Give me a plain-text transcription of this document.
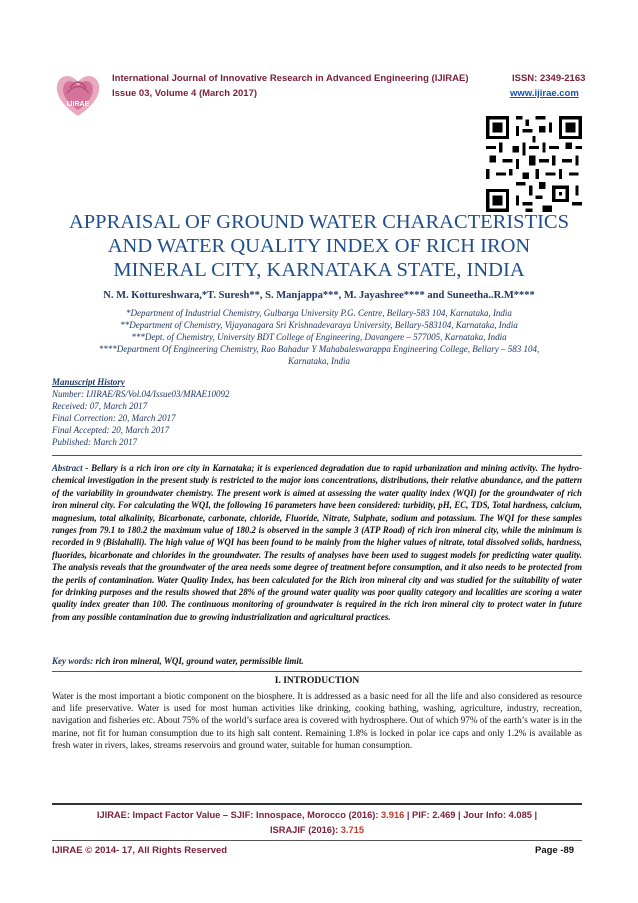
IJIRAE
International Journal of Innovative Research in Advanced Engineering (IJIRAE)	ISSN: 2349-2163
Issue 03, Volume 4 (March 2017)	www.ijirae.com
APPRAISAL OF GROUND WATER CHARACTERISTICS
AND WATER QUALITY INDEX OF RICH IRON
MINERAL CITY, KARNATAKA STATE, INDIA
N. M. Kottureshwara,*T. Suresh**, S. Manjappa***, M. Jayashree**** and Suneetha..R.M****
*Department of Industrial Chemistry, Gulbarga University P.G. Centre, Bellary-583 104, Karnataka, India
**Department of Chemistry, Vijayanagara Sri Krishnadevaraya University, Bellary-583104, Karnataka, India
***Dept. of Chemistry, University BDT College of Engineering, Davangere – 577005, Karnataka, India
****Department Of Engineering Chemistry, Rao Bahadur Y Mahabaleswarappa Engineering College, Bellary – 583 104,
Karnataka, India
Manuscript History
Number: IJIRAE/RS/Vol.04/Issue03/MRAE10092
Received: 07, March 2017
Final Correction: 20, March 2017
Final Accepted: 20, March 2017
Published: March 2017
Abstract - Bellary is a rich iron ore city in Karnataka; it is experienced degradation due to rapid urbanization and mining activity. The hydro-chemical investigation in the present study is restricted to the major ions concentrations, distributions, their relative abundance, and the pattern of the variability in groundwater chemistry. The present work is aimed at assessing the water quality index (WQI) for the groundwater of rich iron mineral city. For calculating the WQI, the following 16 parameters have been considered: turbidity, pH, EC, TDS, Total hardness, calcium, magnesium, total alkalinity, Bicarbonate, carbonate, chloride, Fluoride, Nitrate, Sulphate, sodium and potassium. The WQI for these samples ranges from 79.1 to 180.2 the maximum value of 180.2 is observed in the sample 3 (ATP Road) of rich iron mineral city, while the minimum is recorded in 9 (Bislahalli). The high value of WQI has been found to be mainly from the higher values of nitrate, total dissolved solids, hardness, fluorides, bicarbonate and chlorides in the groundwater. The results of analyses have been used to suggest models for predicting water quality. The analysis reveals that the groundwater of the area needs some degree of treatment before consumption, and it also needs to be protected from the perils of contamination. Water Quality Index, has been calculated for the Rich iron mineral city and was studied for the suitability of water for drinking purposes and the results showed that 28% of the ground water quality was poor quality category and localities are scoring a water quality index greater than 100. The continuous monitoring of groundwater is required in the rich iron mineral city to protect water in future from any possible contamination due to growing industrialization and agricultural practices.
Key words: rich iron mineral, WQI, ground water, permissible limit.
I. INTRODUCTION
Water is the most important a biotic component on the biosphere. It is addressed as a basic need for all the life and also considered as resource and life preservative. Water is used for most human activities like drinking, cooking bathing, washing, agriculture, industry, recreation, navigation and fisheries etc. About 75% of the world’s surface area is covered with hydrosphere. Out of which 97% of the earth’s water is in the marine, not fit for human consumption due to its high salt content. Remaining 1.8% is locked in polar ice caps and only 1.2% is available as fresh water in rivers, lakes, streams reservoirs and ground water, suitable for human consumption.
IJIRAE: Impact Factor Value – SJIF: Innospace, Morocco (2016): 3.916 | PIF: 2.469 | Jour Info: 4.085 |
ISRAJIF (2016): 3.715
IJIRAE © 2014- 17, All Rights Reserved	Page -89
